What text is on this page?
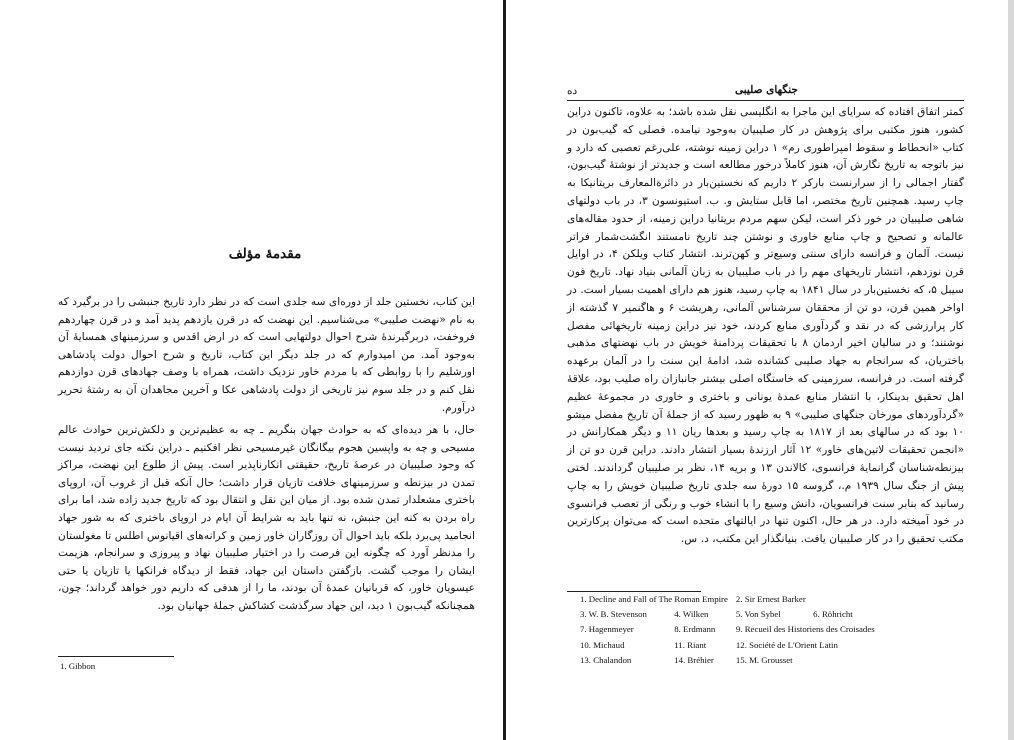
مقدمهٔ مؤلف
این کتاب، نخستین جلد از دوره‌ای سه جلدی است که در نظر دارد تاریخ جنبشی را در برگیرد که به نام «نهضت صلیبی» می‌شناسیم. این نهضت که در قرن یازدهم پدید آمد و در قرن چهاردهم فروخفت، دربرگیرندهٔ شرح احوال دولتهایی است که در ارض اقدس و سرزمینهای همسایهٔ آن به‌وجود آمد. من امیدوارم که در جلد دیگر این کتاب، تاریخ و شرح احوال دولت پادشاهی اورشلیم را با روابطی که با مردم خاور نزدیک داشت، همراه با وصف جهادهای قرن دوازدهم نقل کنم و در جلد سوم نیز تاریخی از دولت پادشاهی عکا و آخرین مجاهدان آن به رشتهٔ تحریر درآورم.
حال، با هر دیده‌ای که به حوادث جهان بنگریم ـ چه به عظیم‌ترین و دلکش‌ترین حوادث عالم مسیحی و چه به واپسین هجوم بیگانگان غیرمسیحی نظر افکنیم ـ دراین نکته جای تردید نیست که وجود صلیبیان در عرصهٔ تاریخ، حقیقتی انکارناپذیر است. پیش از طلوع این نهضت، مراکز تمدن در بیزنطه و سرزمینهای خلافت تازیان قرار داشت؛ حال آنکه قبل از غروب آن، اروپای باختری مشعلدار تمدن شده بود. از میان این نقل و انتقال بود که تاریخ جدید زاده شد، اما برای راه بردن به کنه این جنبش، نه تنها باید به شرایط آن ایام در اروپای باختری که به شور جهاد انجامید پی‌برد بلکه باید احوال آن روزگاران خاور زمین و کرانه‌های اقیانوس اطلس تا مغولستان را مدنظر آورد که چگونه این فرصت را در اختیار صلیبیان نهاد و پیروزی و سرانجام، هزیمت ایشان را موجب گشت. بازگفتن داستان این جهاد، فقط از دیدگاه فرانکها یا تازیان یا حتی عیسویان خاور، که قربانیان عمدهٔ آن بودند، ما را از هدفی که داریم دور خواهد گرداند؛ چون، همچنانکه گیب‌بون ۱ دید، این جهاد سرگذشت کشاکش جملهٔ جهانیان بود.
1. Gibbon
ده	جنگهای صلیبی
کمتر اتفاق افتاده که سرایای این ماجرا به انگلیسی نقل شده باشد؛ به علاوه، تاکنون دراین کشور، هنوز مکتبی برای پژوهش در کار صلیبیان به‌وجود نیامده. فصلی که گیب‌بون در کتاب «انحطاط و سقوط امپراطوری رم» ۱ دراین زمینه نوشته، علی‌رغم تعصبی که دارد و نیز باتوجه به تاریخ نگارش آن، هنوز کاملاً درخور مطالعه است و جدیدتر از نوشتهٔ گیب‌بون، گفتار اجمالی را از سرارنست بارکر ۲ داریم که نخستین‌بار در دائرةالمعارف بریتانیکا به چاپ رسید. همچنین تاریخ مختصر، اما قابل ستایش و. ب. استیونسون ۳، در باب دولتهای شاهی صلیبیان در خور ذکر است، لیکن سهم مردم بریتانیا دراین زمینه، از حدود مقاله‌های عالمانه و تصحیح و چاپ منابع خاوری و نوشتن چند تاریخ نامستند انگشت‌شمار فراتر نیست. آلمان و فرانسه دارای سنتی وسیع‌تر و کهن‌ترند. انتشار کتاب ویلکن ۴، در اوایل قرن نوزدهم، انتشار تاریخهای مهم را در باب صلیبیان به زبان آلمانی بنیاد نهاد. تاریخ فون سیبل ۵، که نخستین‌بار در سال ۱۸۴۱ به چاپ رسید، هنوز هم دارای اهمیت بسیار است. در اواخر همین قرن، دو تن از محققان سرشناس آلمانی، رهریشت ۶ و هاگنمیر ۷ گذشته از کار پرارزشی که در نقد و گردآوری منابع کردند، خود نیز دراین زمینه تاریخهائی مفصل نوشتند؛ و در سالیان اخیر اردمان ۸ با تحقیقات پردامنهٔ خویش در باب نهضتهای مذهبی باختریان، که سرانجام به جهاد صلیبی کشانده شد، ادامهٔ این سنت را در آلمان برعهده گرفته است. در فرانسه، سرزمینی که خاستگاه اصلی بیشتر جانبازان راه صلیب بود، علاقهٔ اهل تحقیق بدینکار، با انتشار منابع عمدهٔ یونانی و باختری و خاوری در مجموعهٔ عظیم «گردآوردهای مورخان جنگهای صلیبی» ۹ به ظهور رسید که از جملهٔ آن تاریخ مفصل میشو ۱۰ بود که در سالهای بعد از ۱۸۱۷ به چاپ رسید و بعدها ریان ۱۱ و دیگر همکارانش در «انجمن تحقیقات لاتین‌های خاور» ۱۲ آثار ارزندهٔ بسیار انتشار دادند. دراین قرن دو تن از بیزنطه‌شناسان گرانمایهٔ فرانسوی، کالاندن ۱۳ و بریه ۱۴، نظر بر صلیبیان گرداندند. لختی پیش از جنگ سال ۱۹۳۹ م.، گروسه ۱۵ دورهٔ سه جلدی تاریخ صلیبیان خویش را به چاپ رسانید که بنابر سنت فرانسویان، دانش وسیع را با انشاء خوب و رنگی از تعصب فرانسوی در خود آمیخته دارد. در هر حال، اکنون تنها در ایالتهای متحده است که می‌توان پرکارترین مکتب تحقیق را در کار صلیبیان یافت. بنیانگذار این مکتب، د. س.
1. Decline and Fall of The Roman Empire		2. Sir Ernest Barker	
3. W. B. Stevenson	4. Wilken	5. Von Sybel	6. Röhricht
7. Hagenmeyer	8. Erdmann	9. Recueil des Historiens des Croisades	
10. Michaud	11. Riant	12. Société de L'Orient Latin	
13. Chalandon	14. Bréhier	15. M. Grousset	
